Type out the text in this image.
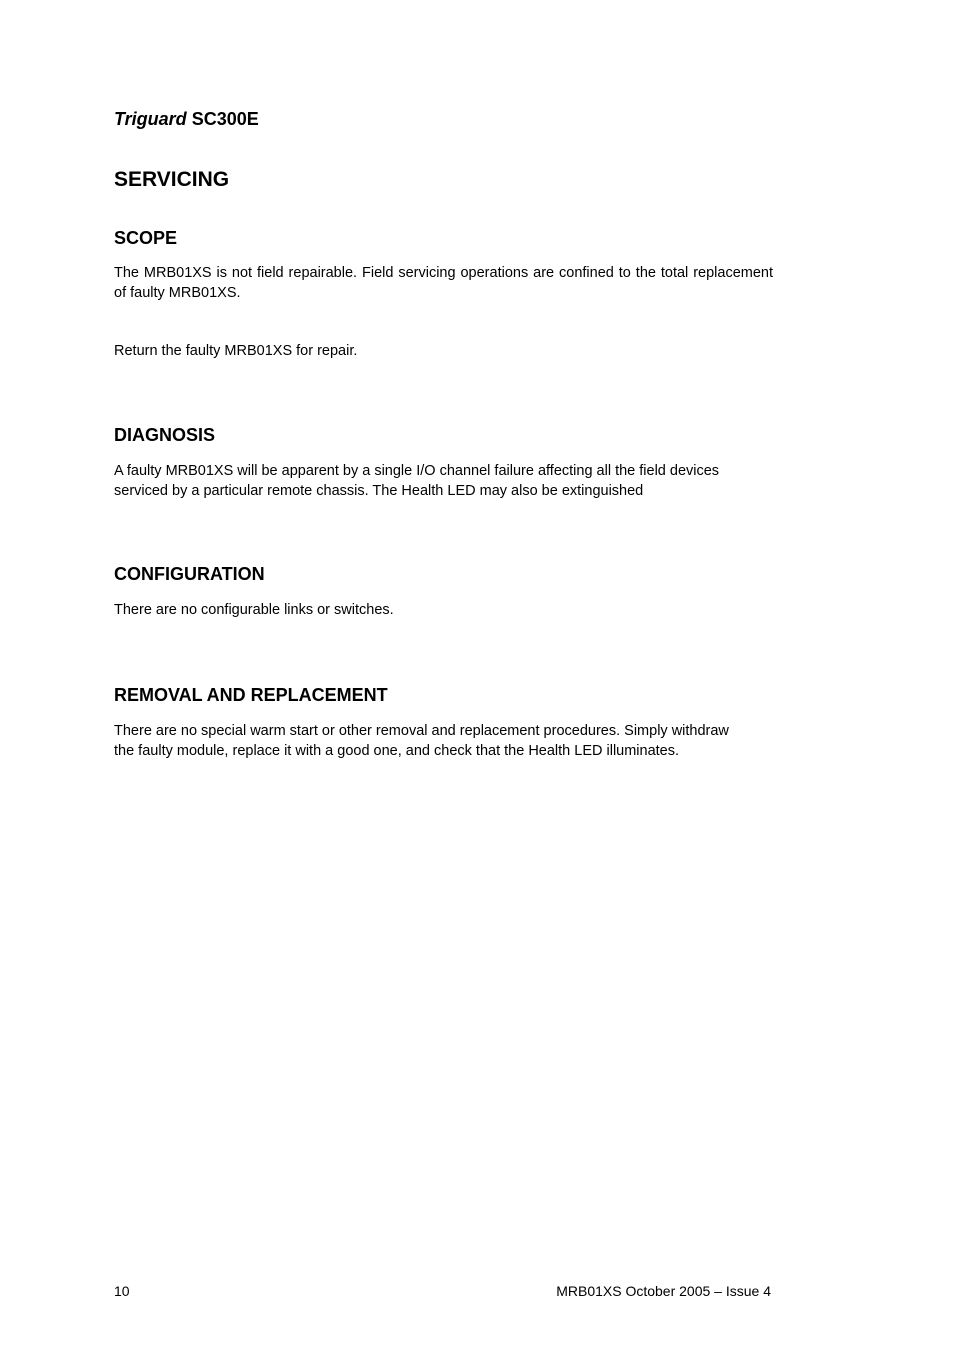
Triguard SC300E
SERVICING
SCOPE

The MRB01XS is not field repairable. Field servicing operations are confined to the total replacement of faulty MRB01XS.

Return the faulty MRB01XS for repair.

DIAGNOSIS
A faulty MRB01XS will be apparent by a single I/O channel failure affecting all the field devices
serviced by a particular remote chassis. The Health LED may also be extinguished
CONFIGURATION

There are no configurable links or switches.

REMOVAL AND REPLACEMENT
There are no special warm start or other removal and replacement procedures. Simply withdraw
the faulty module, replace it with a good one, and check that the Health LED illuminates.
10	MRB01XS October 2005 – Issue 4
